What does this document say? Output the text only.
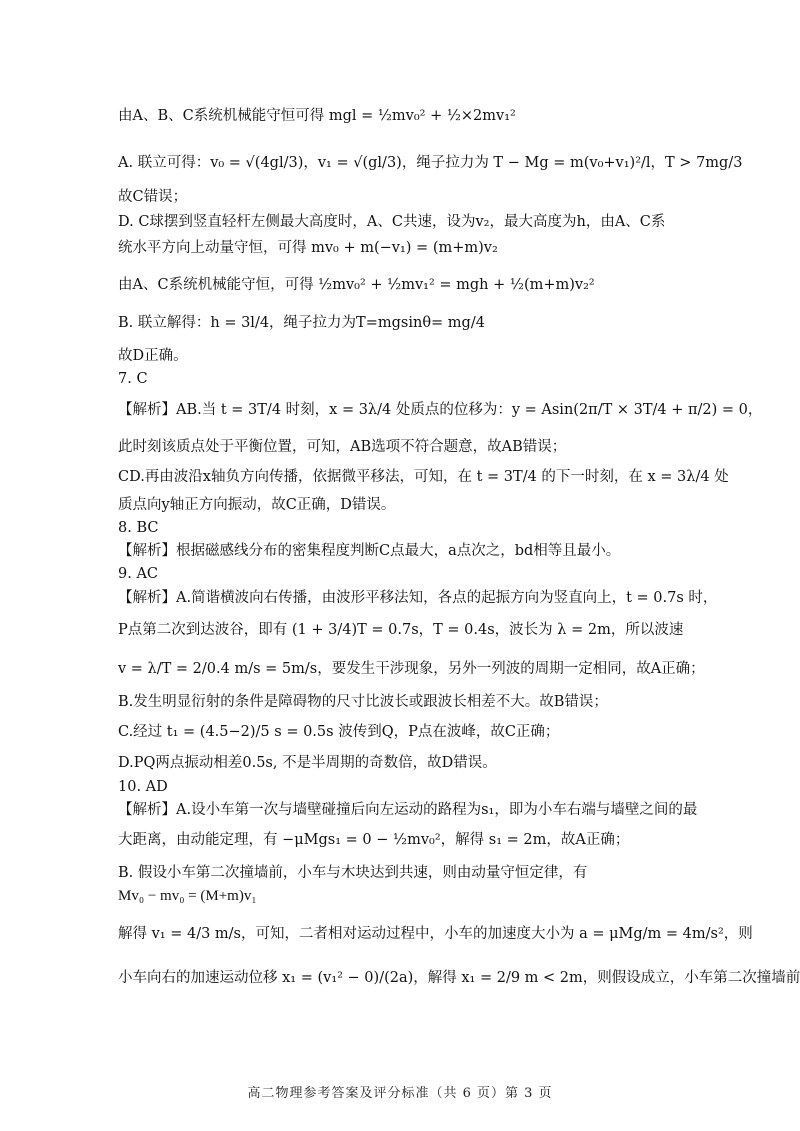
由A、B、C系统机械能守恒可得 mgl = ½mv₀² + ½×2mv₁²
A. 联立可得：v₀ = √(4gl/3)，v₁ = √(gl/3)，绳子拉力为 T − Mg = m(v₀+v₁)²/l，T > 7mg/3
故C错误；
D. C球摆到竖直轻杆左侧最大高度时，A、C共速，设为v₂，最大高度为h，由A、C系
统水平方向上动量守恒，可得 mv₀ + m(−v₁) = (m+m)v₂
由A、C系统机械能守恒，可得 ½mv₀² + ½mv₁² = mgh + ½(m+m)v₂²
B. 联立解得：h = 3l/4，绳子拉力为T=mgsinθ= mg/4
故D正确。
7. C
【解析】AB.当 t = 3T/4 时刻，x = 3λ/4 处质点的位移为：y = Asin(2π/T × 3T/4 + π/2) = 0，
此时刻该质点处于平衡位置，可知，AB选项不符合题意，故AB错误；
CD.再由波沿x轴负方向传播，依据微平移法，可知，在 t = 3T/4 的下一时刻，在 x = 3λ/4 处
质点向y轴正方向振动，故C正确，D错误。
8. BC
【解析】根据磁感线分布的密集程度判断C点最大，a点次之，bd相等且最小。
9. AC
【解析】A.简谐横波向右传播，由波形平移法知，各点的起振方向为竖直向上，t = 0.7s 时，
P点第二次到达波谷，即有 (1 + 3/4)T = 0.7s，T = 0.4s，波长为 λ = 2m，所以波速
v = λ/T = 2/0.4 m/s = 5m/s，要发生干涉现象，另外一列波的周期一定相同，故A正确；
B.发生明显衍射的条件是障碍物的尺寸比波长或跟波长相差不大。故B错误；
C.经过 t₁ = (4.5−2)/5 s = 0.5s 波传到Q，P点在波峰，故C正确；
D.PQ两点振动相差0.5s, 不是半周期的奇数倍，故D错误。
10. AD
【解析】A.设小车第一次与墙壁碰撞后向左运动的路程为s₁，即为小车右端与墙壁之间的最
大距离，由动能定理，有 −μMgs₁ = 0 − ½mv₀²，解得 s₁ = 2m，故A正确；
B. 假设小车第二次撞墙前，小车与木块达到共速，则由动量守恒定律，有
Mv₀ − mv₀ = (M+m)v₁
解得 v₁ = 4/3 m/s，可知，二者相对运动过程中，小车的加速度大小为 a = μMg/m = 4m/s²，则
小车向右的加速运动位移 x₁ = (v₁² − 0)/(2a)，解得 x₁ = 2/9 m < 2m，则假设成立，小车第二次撞墙前
高二物理参考答案及评分标准（共 6 页）第 3 页
